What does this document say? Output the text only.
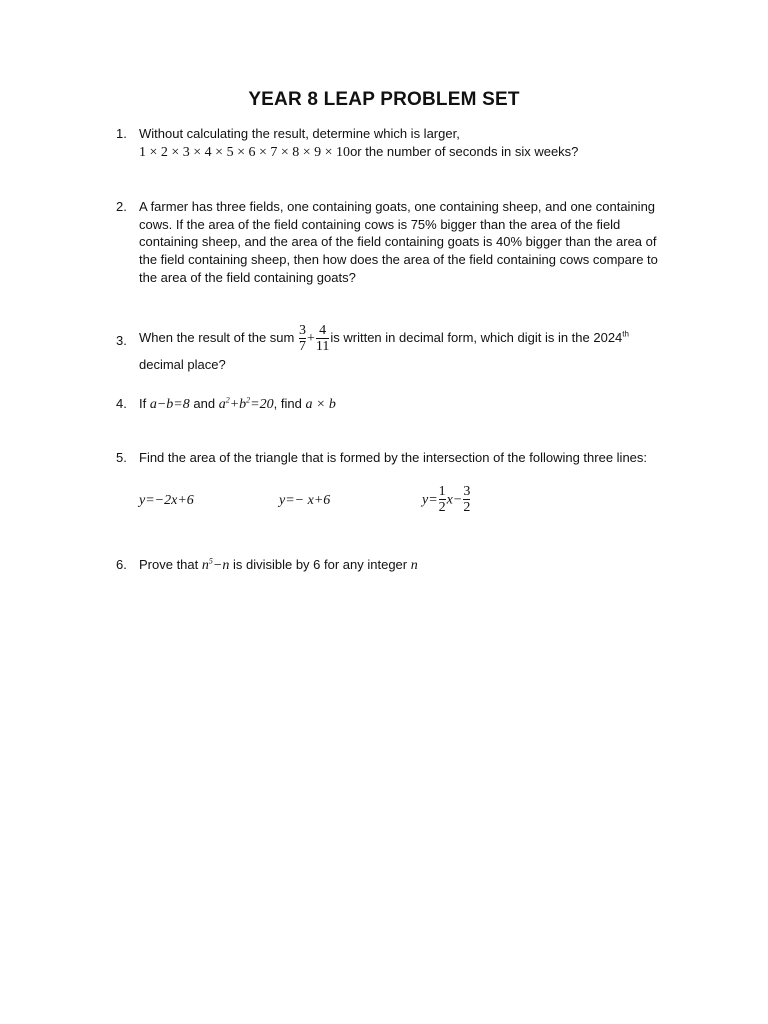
YEAR 8 LEAP PROBLEM SET
1. Without calculating the result, determine which is larger,
1 × 2 × 3 × 4 × 5 × 6 × 7 × 8 × 9 × 10or the number of seconds in six weeks?
2. A farmer has three fields, one containing goats, one containing sheep, and one containing
cows. If the area of the field containing cows is 75% bigger than the area of the field
containing sheep, and the area of the field containing goats is 40% bigger than the area of
the field containing sheep, then how does the area of the field containing cows compare to
the area of the field containing goats?
3. When the result of the sum $\frac{3}{7} + \frac{4}{11}$ is written in decimal form, which digit is in the 2024th
decimal place?
4. If a−b=8 and $a^2+b^2=20$, find a × b
5. Find the area of the triangle that is formed by the intersection of the following three lines:
y=−2x+6	y=− x+6	$y= \frac{1}{2} x- \frac{3}{2}$
6. Prove that $n^5-n$ is divisible by 6 for any integer n
